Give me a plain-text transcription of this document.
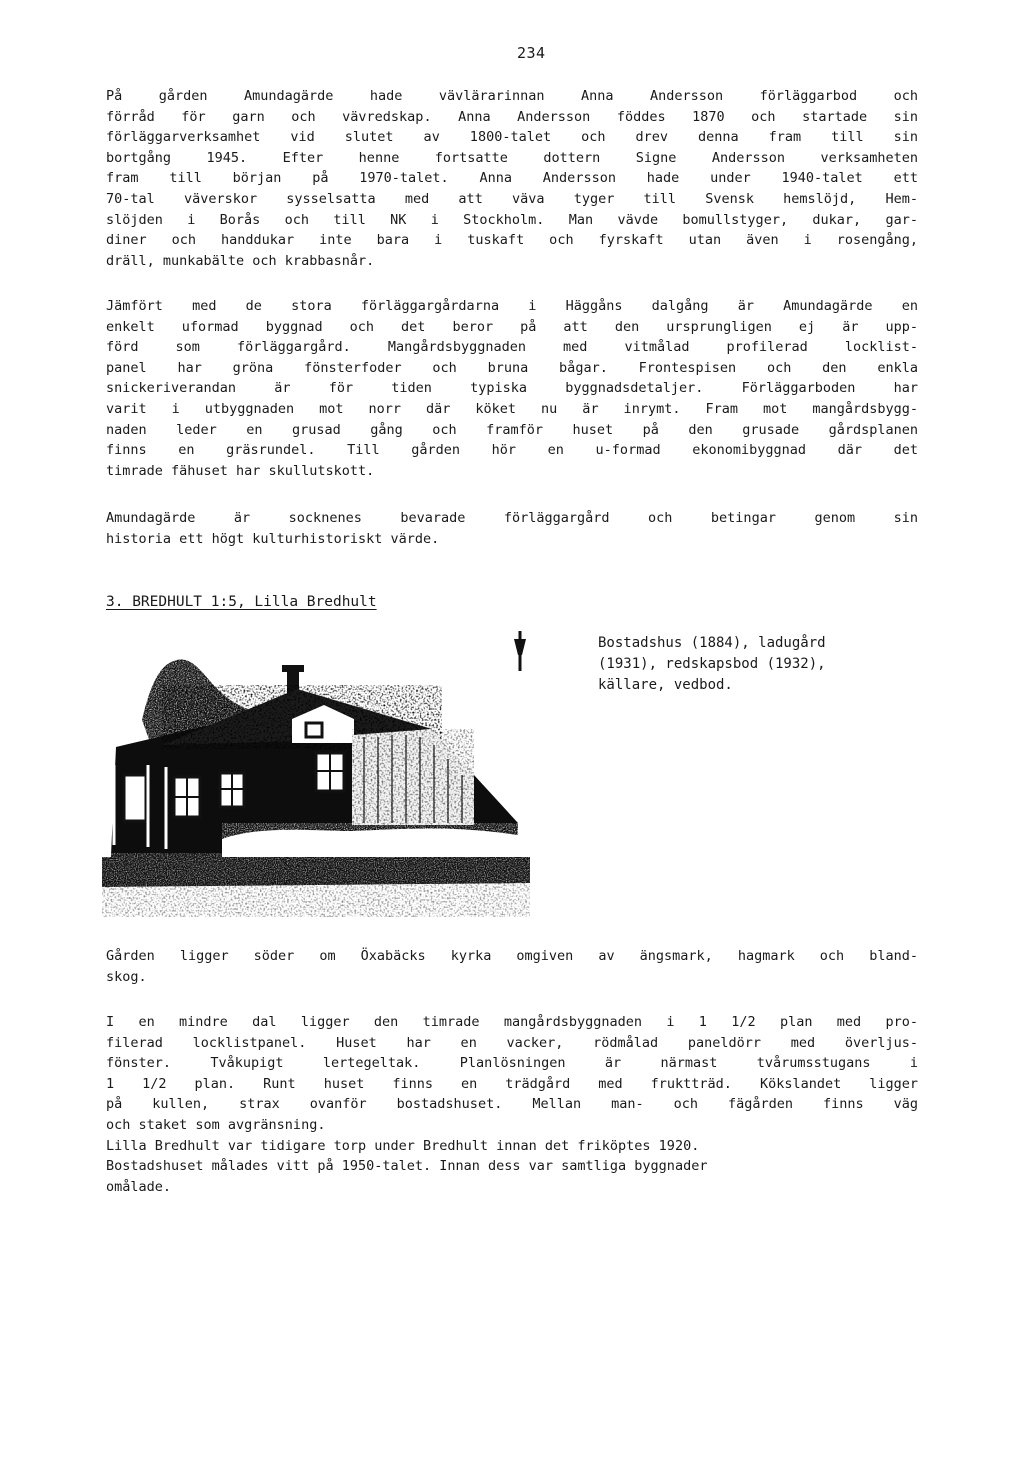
234
På gården Amundagärde hade vävlärarinnan Anna Andersson förläggarbod och
förråd för garn och vävredskap. Anna Andersson föddes 1870 och startade sin
förläggarverksamhet vid slutet av 1800-talet och drev denna fram till sin
bortgång 1945. Efter henne fortsatte dottern Signe Andersson verksamheten
fram till början på 1970-talet. Anna Andersson hade under 1940-talet ett
70-tal väverskor sysselsatta med att väva tyger till Svensk hemslöjd, Hem-
slöjden i Borås och till NK i Stockholm. Man vävde bomullstyger, dukar, gar-
diner och handdukar inte bara i tuskaft och fyrskaft utan även i rosengång,
dräll, munkabälte och krabbasnår.
Jämfört med de stora förläggargårdarna i Häggåns dalgång är Amundagärde en
enkelt uformad byggnad och det beror på att den ursprungligen ej är upp-
förd som förläggargård. Mangårdsbyggnaden med vitmålad profilerad locklist-
panel har gröna fönsterfoder och bruna bågar. Frontespisen och den enkla
snickeriverandan är för tiden typiska byggnadsdetaljer. Förläggarboden har
varit i utbyggnaden mot norr där köket nu är inrymt. Fram mot mangårdsbygg-
naden leder en grusad gång och framför huset på den grusade gårdsplanen
finns en gräsrundel. Till gården hör en u-formad ekonomibyggnad där det
timrade fähuset har skullutskott.
Amundagärde är socknenes bevarade förläggargård och betingar genom sin
historia ett högt kulturhistoriskt värde.
3. BREDHULT 1:5, Lilla Bredhult
Bostadshus (1884), ladugård
(1931), redskapsbod (1932),
källare, vedbod.
Gården ligger söder om Öxabäcks kyrka omgiven av ängsmark, hagmark och bland-
skog.
I en mindre dal ligger den timrade mangårdsbyggnaden i 1 1/2 plan med pro-
filerad locklistpanel. Huset har en vacker, rödmålad paneldörr med överljus-
fönster. Tvåkupigt lertegeltak. Planlösningen är närmast tvårumsstugans i
1 1/2 plan. Runt huset finns en trädgård med fruktträd. Kökslandet ligger
på kullen, strax ovanför bostadshuset. Mellan man- och fägården finns väg
och staket som avgränsning.
Lilla Bredhult var tidigare torp under Bredhult innan det friköptes 1920.
Bostadshuset målades vitt på 1950-talet. Innan dess var samtliga byggnader
omålade.
